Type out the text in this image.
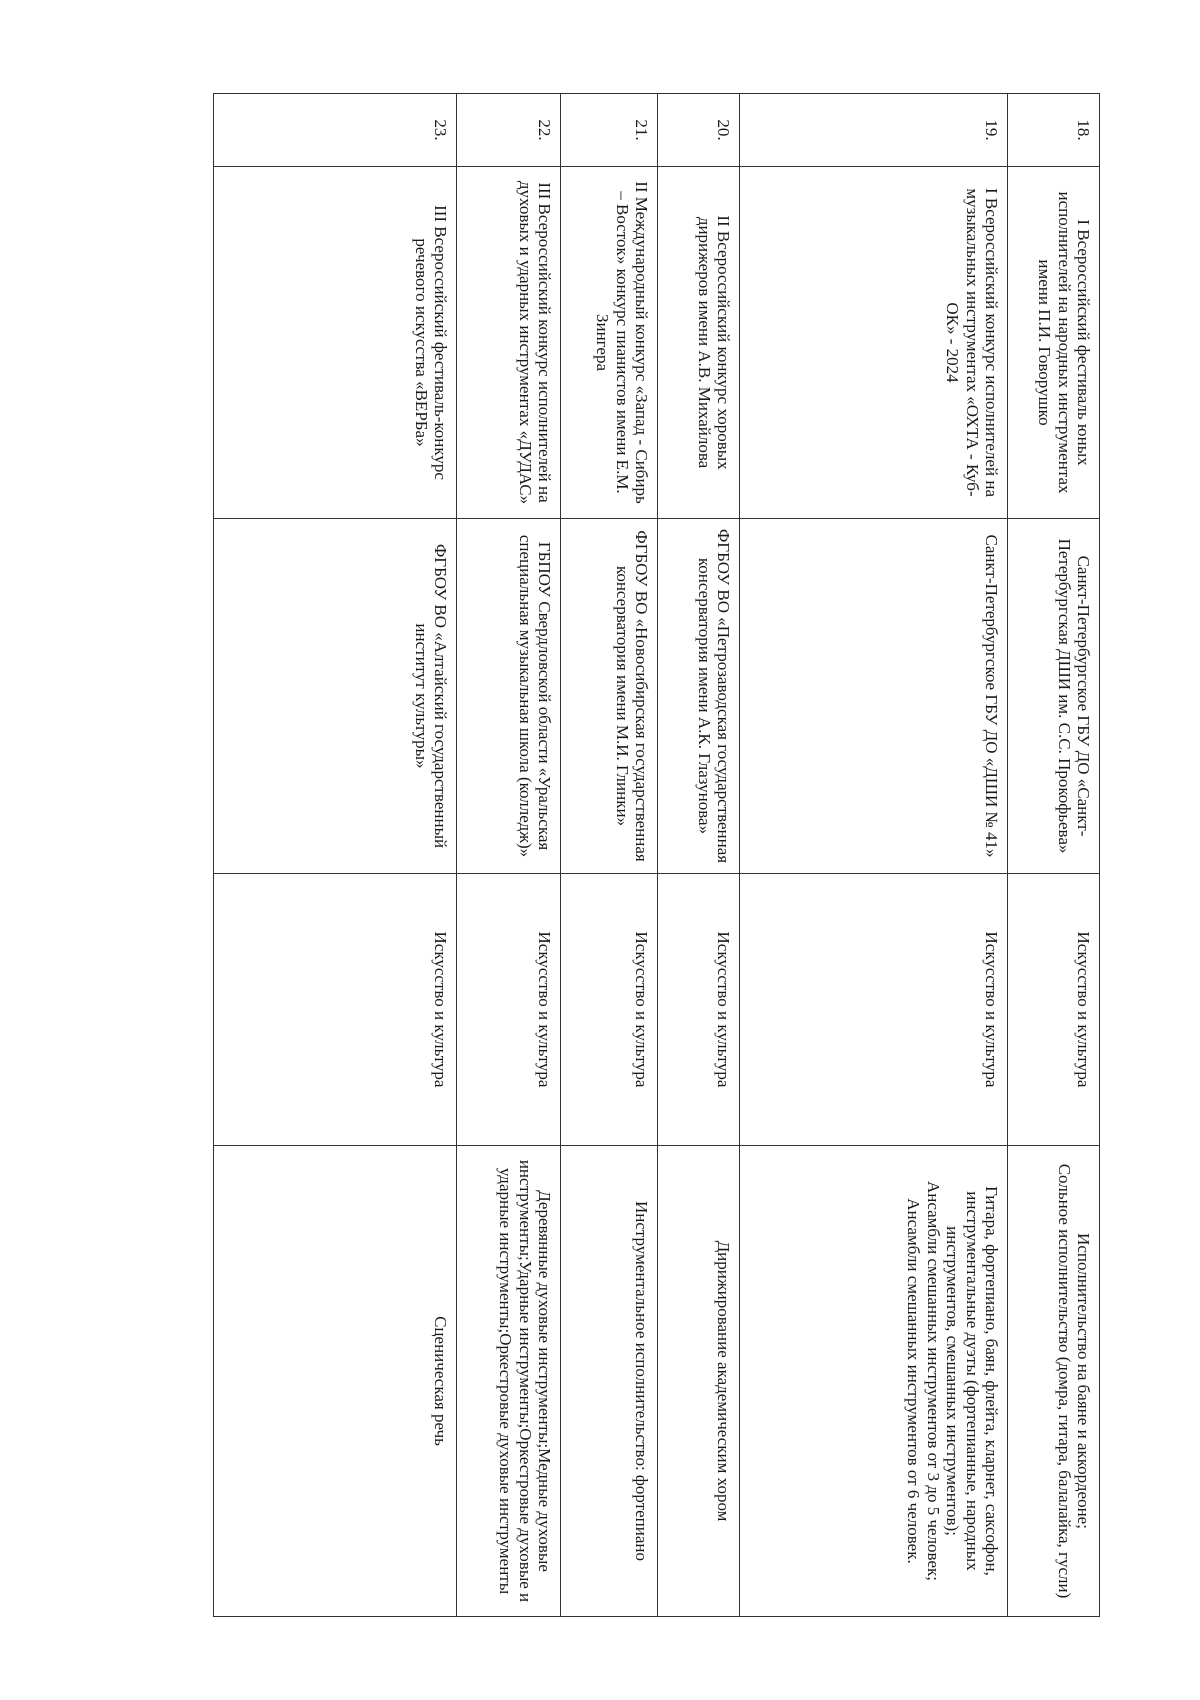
18.	I Всероссийский фестиваль юных исполнителей на народных инструментах имени П.И. Говорушко	Санкт-Петербургское ГБУ ДО «Санкт-Петербургская ДШИ им. С.С. Прокофьева»	Искусство и культура	Исполнительство на баяне и аккордеоне;
Сольное исполнительство (домра, гитара, балалайка, гусли)
19.	I Всероссийский конкурс исполнителей на музыкальных инструментах «ОХТА - Куб-ОК» - 2024	Санкт-Петербургское ГБУ ДО «ДШИ № 41»	Искусство и культура	Гитара, фортепиано, бaян, флейта, кларнет, саксофон, инструментальные дуэты (фортепианные, народных инструментов, смешанных инструментов);
Ансамбли смешанных инструментов от 3 до 5 человек;
Ансамбли смешанных инструментов от 6 человек.
20.	II Всероссийский конкурс хоровых дирижеров имени А.В. Михайлова	ФГБОУ ВО «Петрозаводская государственная консерватория имени А.К. Глазунова»	Искусство и культура	Дирижирование академическим хором
21.	II Международный конкурс «Запад - Сибирь – Восток» конкурс пианистов имени Е.М. Зингера	ФГБОУ ВО «Новосибирская государственная консерватория имени М.И. Глинки»	Искусство и культура	Инструментальное исполнительство: фортепиано
22.	III Всероссийский конкурс исполнителей на духовых и ударных инструментах «ДУДАС»	ГБПОУ Свердловской области «Уральская специальная музыкальная школа (колледж)»	Искусство и культура	Деревянные духовые инструменты;Медные духовые инструменты;Ударные инструменты;Оркестровые духовые и ударные инструменты;Оркестровые духовые инструменты
23.	III Всероссийский фестиваль-конкурс речевого искусства «ВЕРБа»	ФГБОУ ВО «Алтайский государственный институт культуры»	Искусство и культура	Сценическая речь
